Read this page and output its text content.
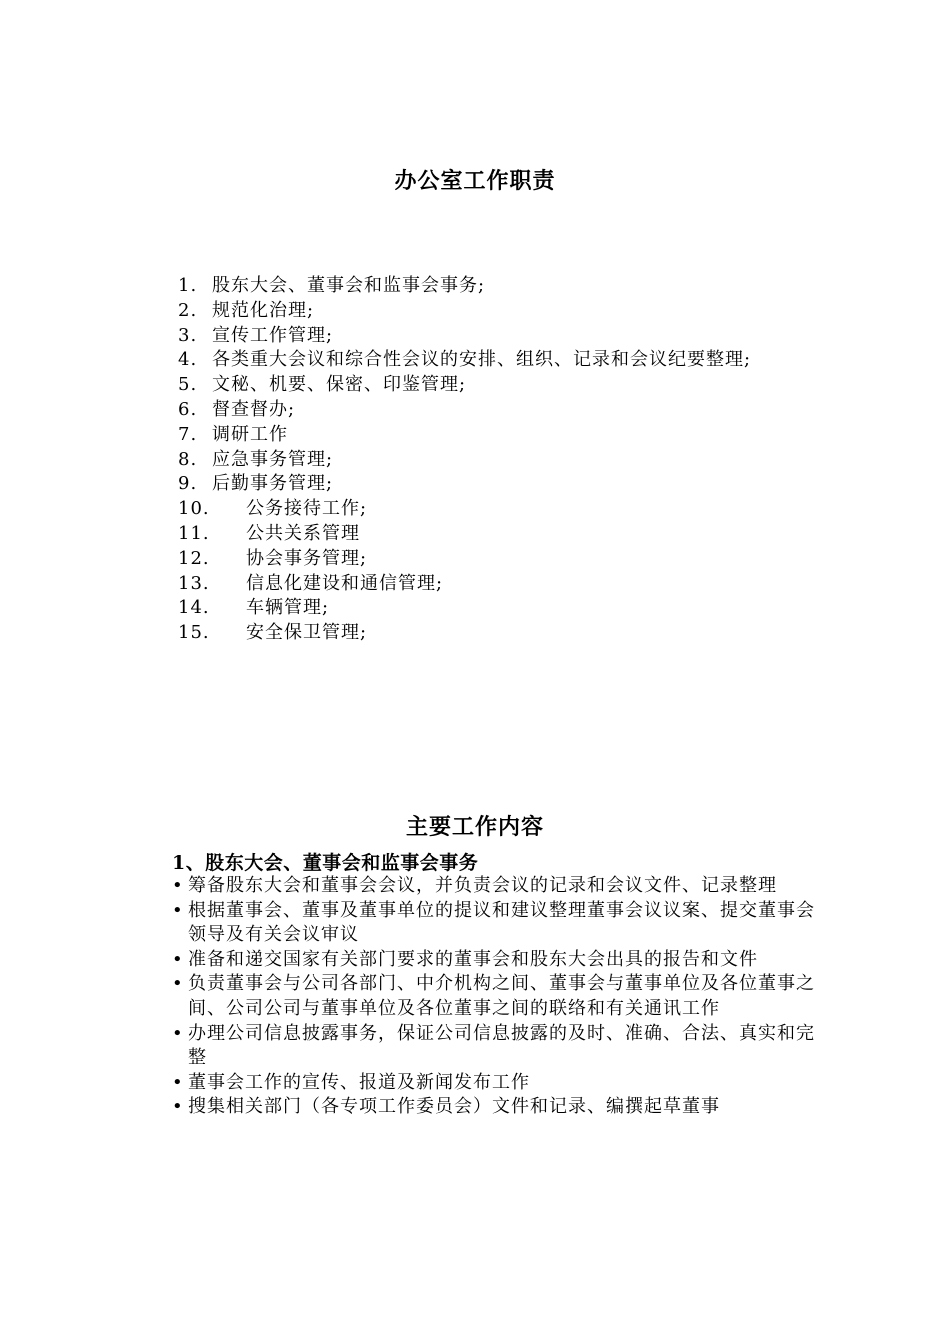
办公室工作职责
1. 股东大会、董事会和监事会事务;
2. 规范化治理;
3. 宣传工作管理;
4. 各类重大会议和综合性会议的安排、组织、记录和会议纪要整理;
5. 文秘、机要、保密、印鉴管理;
6. 督查督办;
7. 调研工作
8. 应急事务管理;
9. 后勤事务管理;
10. 公务接待工作;
11. 公共关系管理
12. 协会事务管理;
13. 信息化建设和通信管理;
14. 车辆管理;
15. 安全保卫管理;
主要工作内容
1、股东大会、董事会和监事会事务
• 筹备股东大会和董事会会议，并负责会议的记录和会议文件、记录整理
• 根据董事会、董事及董事单位的提议和建议整理董事会议议案、提交董事会领导及有关会议审议
• 准备和递交国家有关部门要求的董事会和股东大会出具的报告和文件
• 负责董事会与公司各部门、中介机构之间、董事会与董事单位及各位董事之间、公司公司与董事单位及各位董事之间的联络和有关通讯工作
• 办理公司信息披露事务，保证公司信息披露的及时、准确、合法、真实和完整
• 董事会工作的宣传、报道及新闻发布工作
• 搜集相关部门（各专项工作委员会）文件和记录、编撰起草董事
